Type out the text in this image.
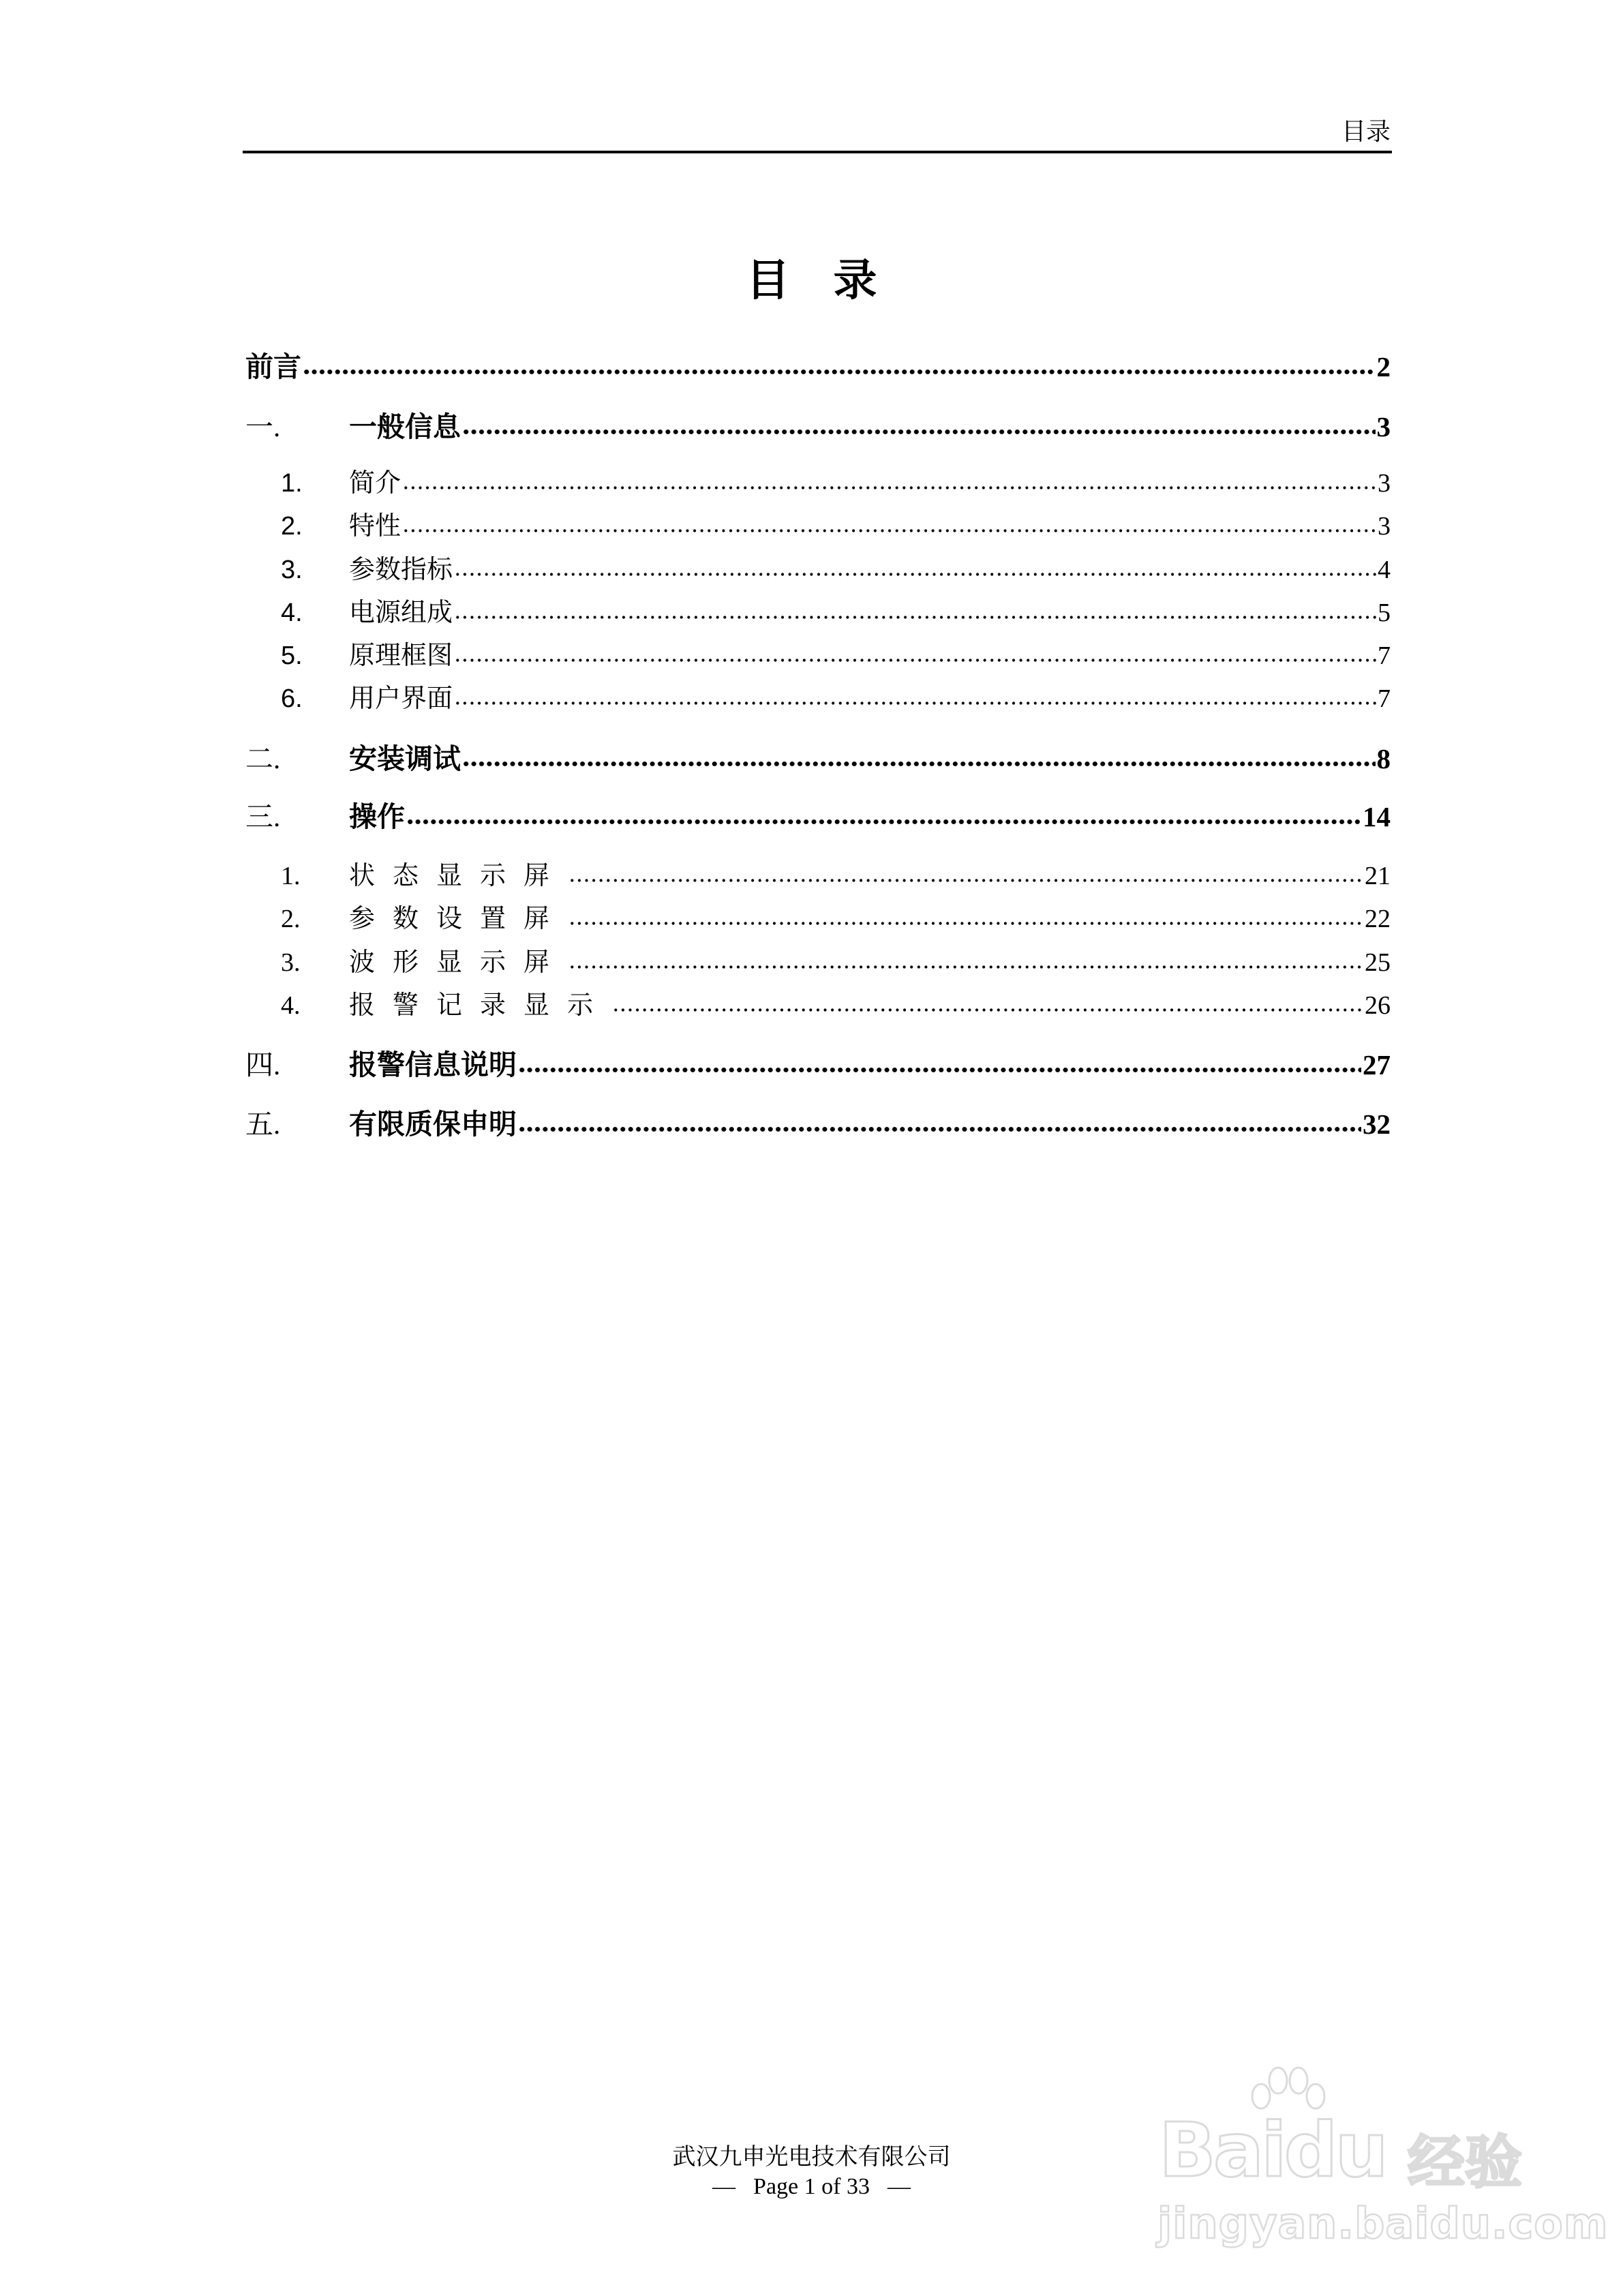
目录
目 录
前言	2
一.	一般信息	3
1.	简介	3
2.	特性	3
3.	参数指标	4
4.	电源组成	5
5.	原理框图	7
6.	用户界面	7
二.	安装调试	8
三.	操作	14
1.	状态显示屏	21
2.	参数设置屏	22
3.	波形显示屏	25
4.	报警记录显示	26
四.	报警信息说明	27
五.	有限质保申明	32
武汉九申光电技术有限公司
— Page 1 of 33 —	Baidu 经验
jingyan.baidu.com
